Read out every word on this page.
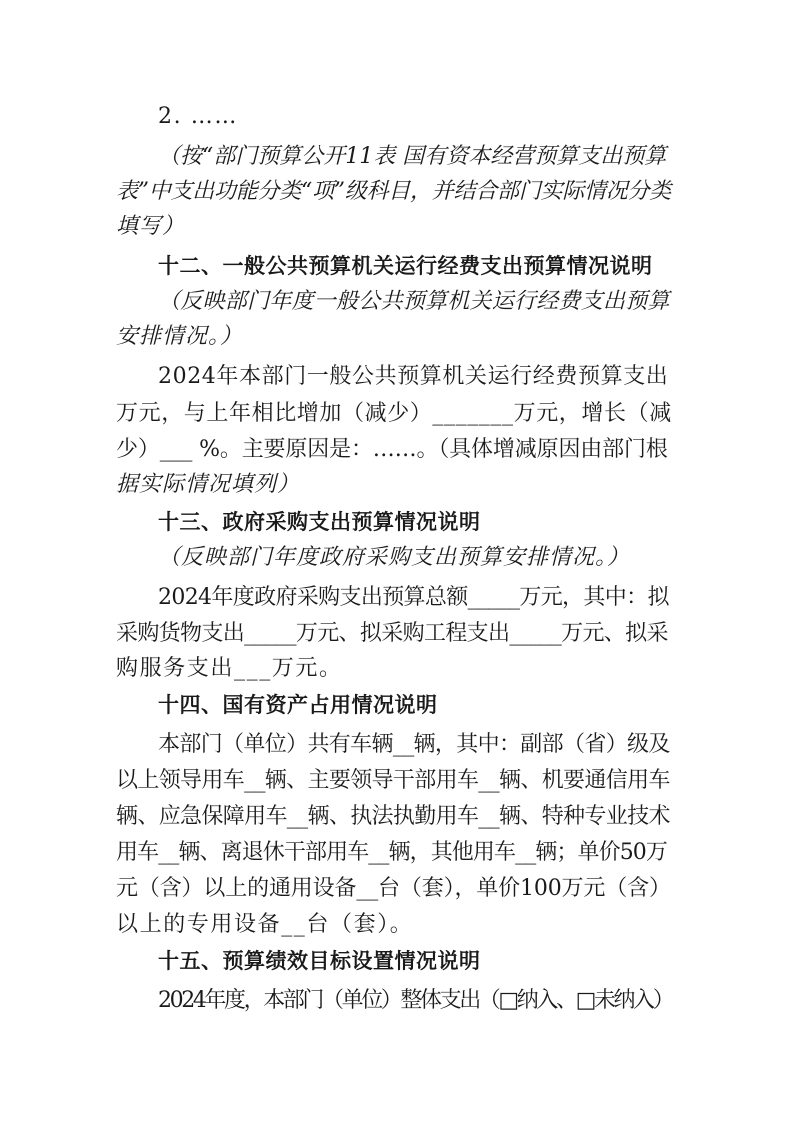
2. ……
（按“部门预算公开11表 国有资本经营预算支出预算
表”中支出功能分类“项”级科目，并结合部门实际情况分类
填写）
十二、一般公共预算机关运行经费支出预算情况说明
（反映部门年度一般公共预算机关运行经费支出预算
安排情况。）
2024年本部门一般公共预算机关运行经费预算支出
万元，与上年相比增加（减少）_______万元，增长（减
少）___ %。主要原因是：……。（具体增减原因由部门根
据实际情况填列）
十三、政府采购支出预算情况说明
（反映部门年度政府采购支出预算安排情况。）
2024年度政府采购支出预算总额_____万元，其中：拟
采购货物支出_____万元、拟采购工程支出_____万元、拟采
购服务支出___万元。
十四、国有资产占用情况说明
本部门（单位）共有车辆__辆，其中：副部（省）级及
以上领导用车__辆、主要领导干部用车__辆、机要通信用车
辆、应急保障用车__辆、执法执勤用车__辆、特种专业技术
用车__辆、离退休干部用车__辆，其他用车__辆；单价50万
元（含）以上的通用设备__台（套），单价100万元（含）
以上的专用设备__台（套）。
十五、预算绩效目标设置情况说明
2024年度，本部门（单位）整体支出（□纳入、□未纳入）
